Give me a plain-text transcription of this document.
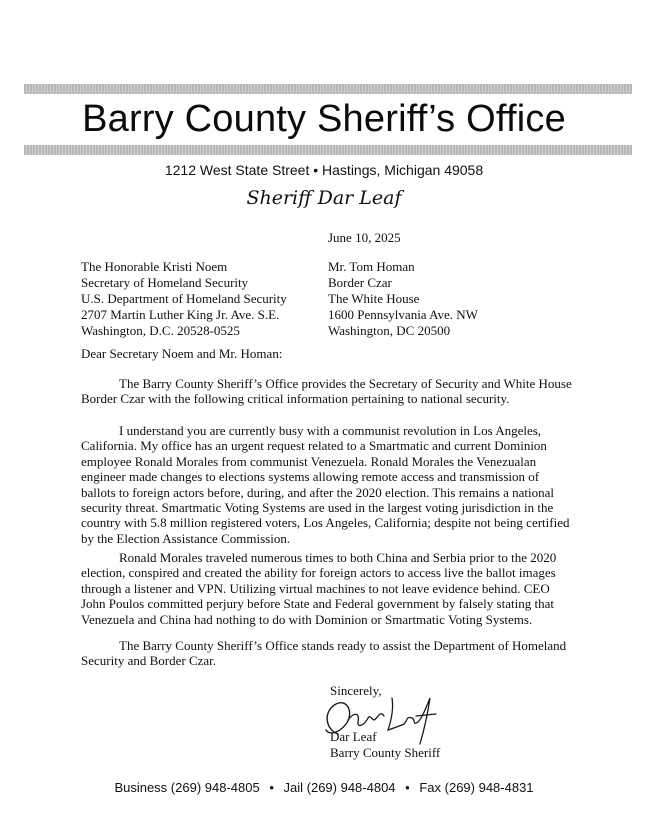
Barry County Sheriff’s Office
1212 West State Street • Hastings, Michigan 49058
Sheriff Dar Leaf
June 10, 2025
The Honorable Kristi Noem
Secretary of Homeland Security
U.S. Department of Homeland Security
2707 Martin Luther King Jr. Ave. S.E.
Washington, D.C. 20528-0525
Mr. Tom Homan
Border Czar
The White House
1600 Pennsylvania Ave. NW
Washington, DC 20500
Dear Secretary Noem and Mr. Homan:

The Barry County Sheriff’s Office provides the Secretary of Security and White House Border Czar with the following critical information pertaining to national security.

I understand you are currently busy with a communist revolution in Los Angeles, California. My office has an urgent request related to a Smartmatic and current Dominion employee Ronald Morales from communist Venezuela. Ronald Morales the Venezualan engineer made changes to elections systems allowing remote access and transmission of ballots to foreign actors before, during, and after the 2020 election. This remains a national security threat. Smartmatic Voting Systems are used in the largest voting jurisdiction in the country with 5.8 million registered voters, Los Angeles, California; despite not being certified by the Election Assistance Commission.

Ronald Morales traveled numerous times to both China and Serbia prior to the 2020 election, conspired and created the ability for foreign actors to access live the ballot images through a listener and VPN. Utilizing virtual machines to not leave evidence behind. CEO John Poulos committed perjury before State and Federal government by falsely stating that Venezuela and China had nothing to do with Dominion or Smartmatic Voting Systems.

The Barry County Sheriff’s Office stands ready to assist the Department of Homeland Security and Border Czar.

Sincerely,
Dar Leaf
Barry County Sheriff
Business (269) 948-4805 • Jail (269) 948-4804 • Fax (269) 948-4831
